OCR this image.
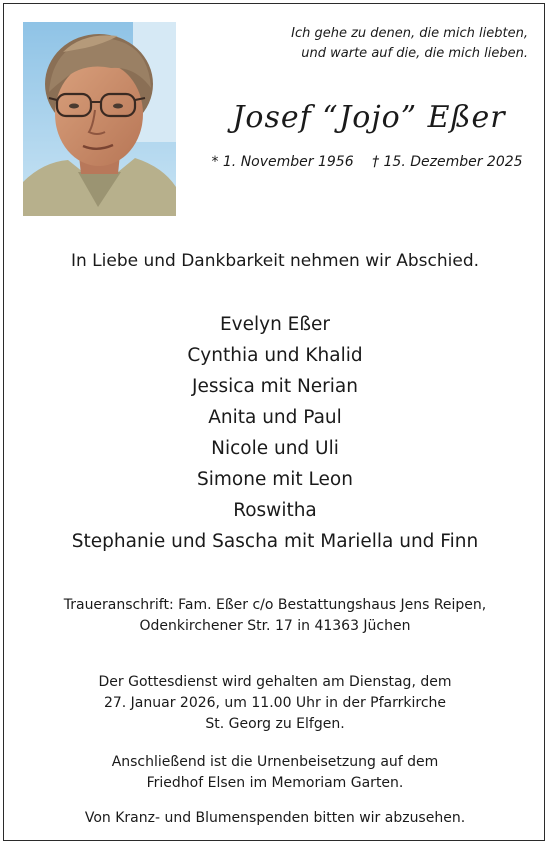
Ich gehe zu denen, die mich liebten,
und warte auf die, die mich lieben.
Josef “Jojo” Eßer
* 1. November 1956 † 15. Dezember 2025
In Liebe und Dankbarkeit nehmen wir Abschied.
Evelyn Eßer
Cynthia und Khalid
Jessica mit Nerian
Anita und Paul
Nicole und Uli
Simone mit Leon
Roswitha
Stephanie und Sascha mit Mariella und Finn
Traueranschrift: Fam. Eßer c/o Bestattungshaus Jens Reipen,
Odenkirchener Str. 17 in 41363 Jüchen
Der Gottesdienst wird gehalten am Dienstag, dem
27. Januar 2026, um 11.00 Uhr in der Pfarrkirche
St. Georg zu Elfgen.
Anschließend ist die Urnenbeisetzung auf dem
Friedhof Elsen im Memoriam Garten.
Von Kranz- und Blumenspenden bitten wir abzusehen.
